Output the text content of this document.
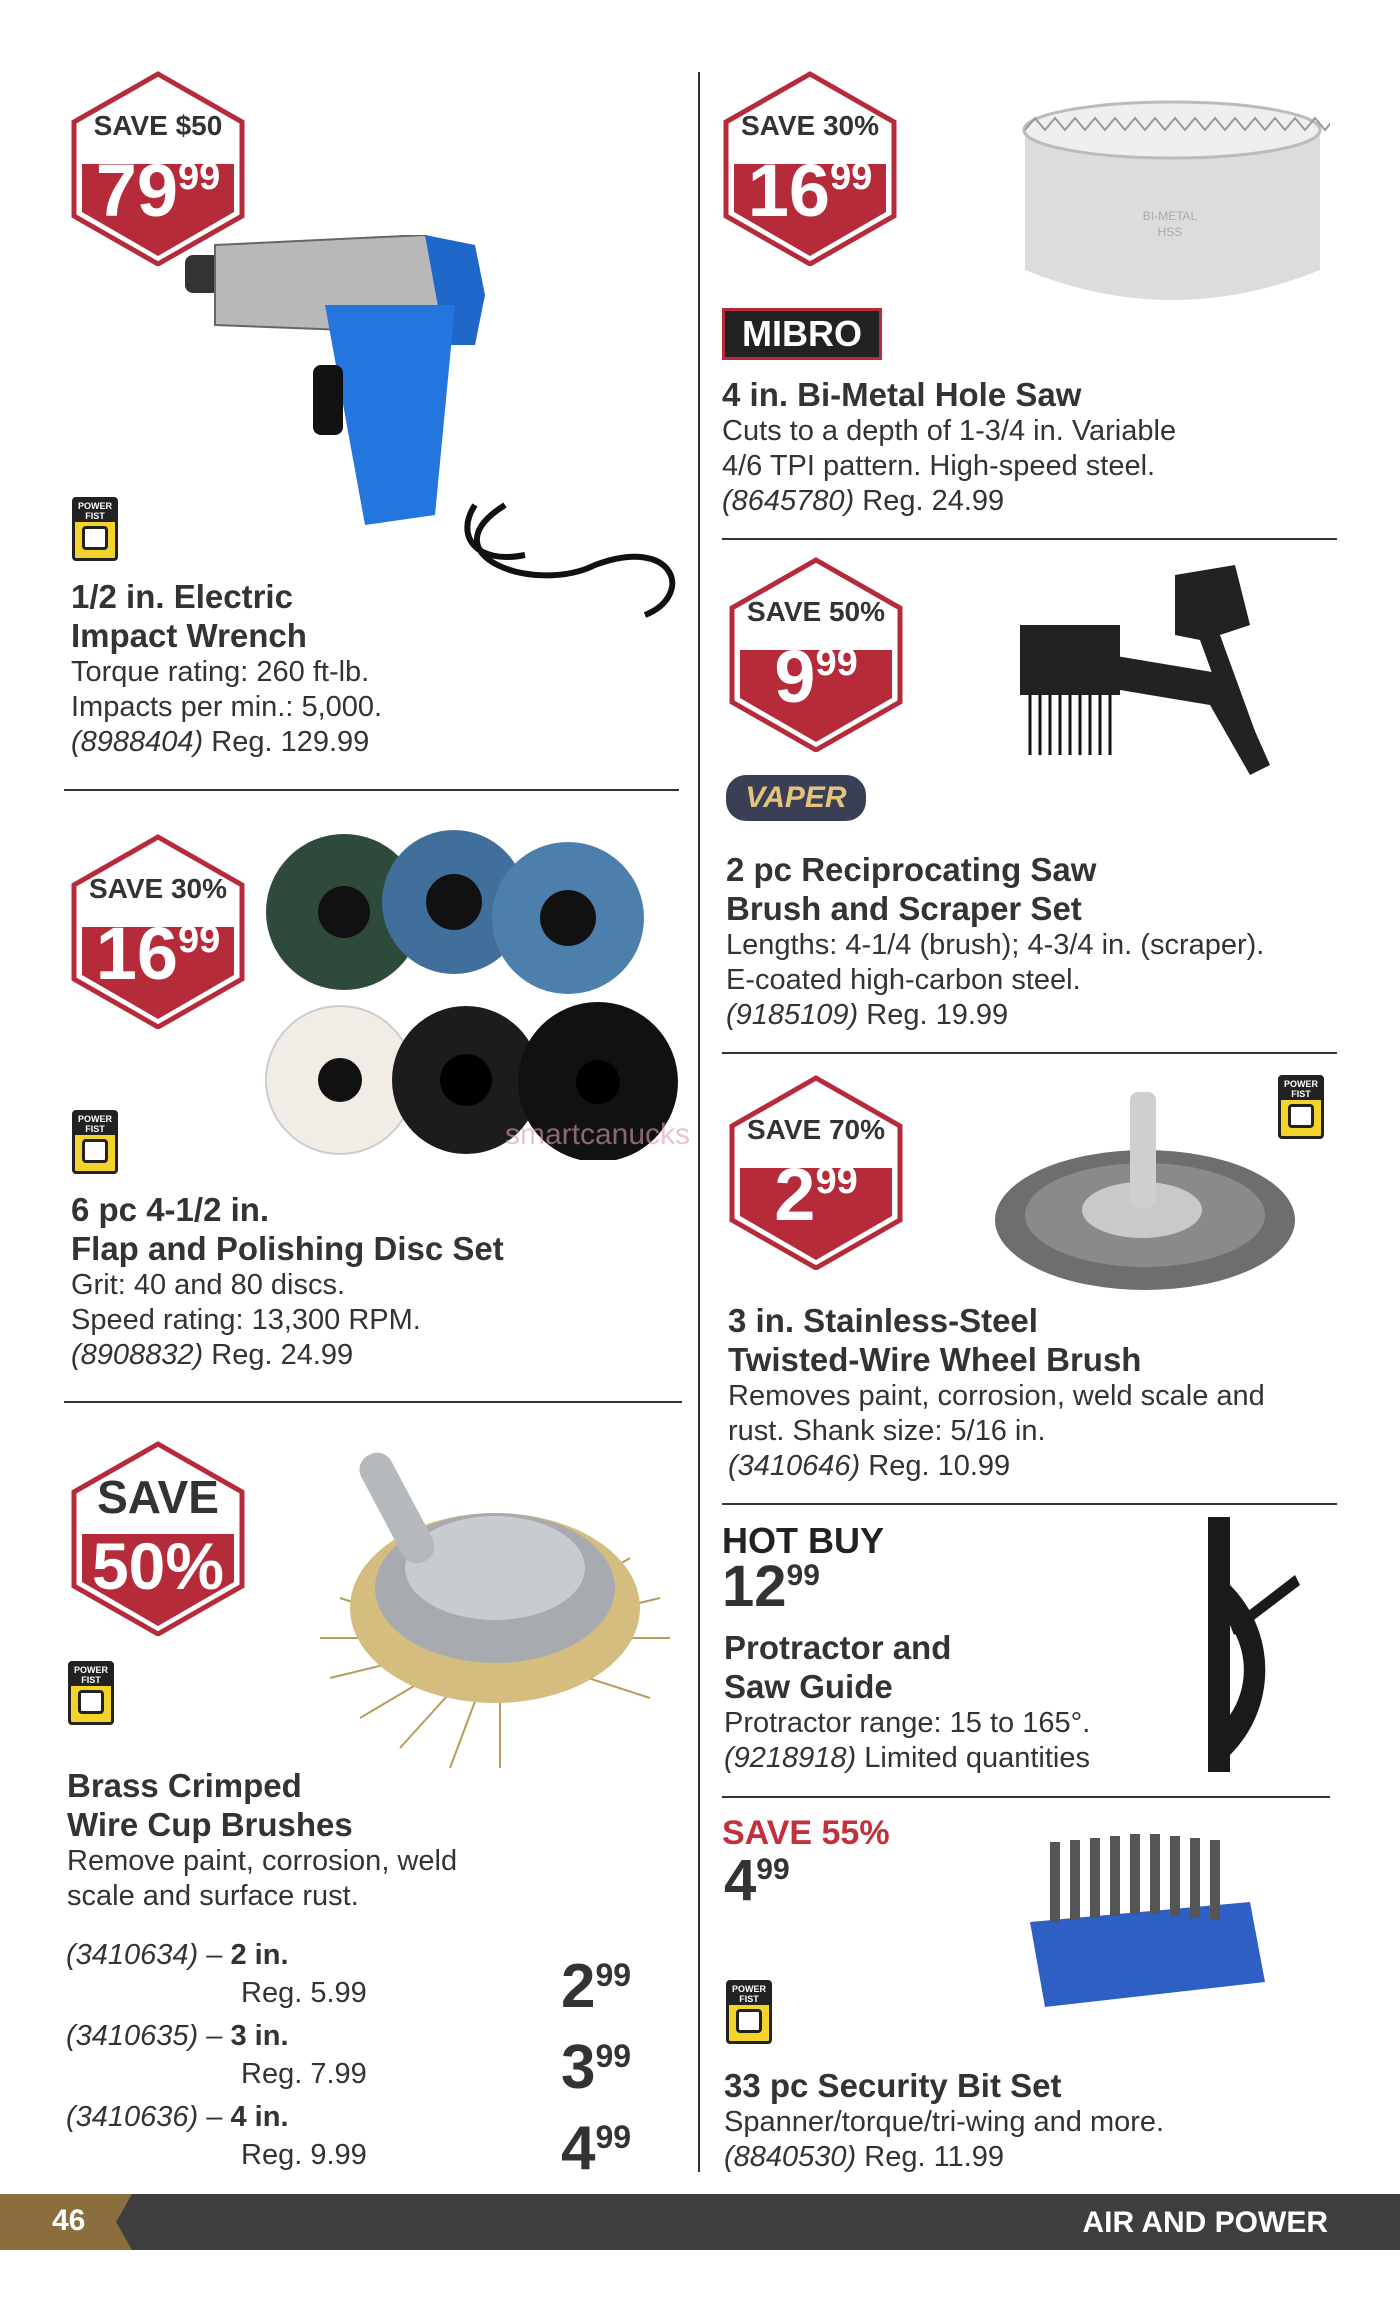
SAVE $50
$79^{99}$
POWER FIST
1/2 in. Electric
Impact Wrench
Torque rating: 260 ft-lb.
Impacts per min.: 5,000.
(8988404) Reg. 129.99
SAVE 30%
$16^{99}$
smartcanucks
POWER FIST
6 pc 4-1/2 in.
Flap and Polishing Disc Set
Grit: 40 and 80 discs.
Speed rating: 13,300 RPM.
(8908832) Reg. 24.99
SAVE
50%
POWER FIST
Brass Crimped
Wire Cup Brushes
Remove paint, corrosion, weld
scale and surface rust.
(3410634) – 2 in.
Reg. 5.99	$2^{99}$
(3410635) – 3 in.
Reg. 7.99	$3^{99}$
(3410636) – 4 in.
Reg. 9.99	$4^{99}$
SAVE 30%
$16^{99}$
BI-METAL
HSS
MIBRO
4 in. Bi-Metal Hole Saw
Cuts to a depth of 1-3/4 in. Variable
4/6 TPI pattern. High-speed steel.
(8645780) Reg. 24.99
SAVE 50%
$9^{99}$
VAPER
2 pc Reciprocating Saw
Brush and Scraper Set
Lengths: 4-1/4 (brush); 4-3/4 in. (scraper).
E-coated high-carbon steel.
(9185109) Reg. 19.99
SAVE 70%
$2^{99}$
POWER FIST
3 in. Stainless-Steel
Twisted-Wire Wheel Brush
Removes paint, corrosion, weld scale and
rust. Shank size: 5/16 in.
(3410646) Reg. 10.99
HOT BUY
$12^{99}$
Protractor and
Saw Guide
Protractor range: 15 to 165°.
(9218918) Limited quantities
SAVE 55%
$4^{99}$
POWER FIST
33 pc Security Bit Set
Spanner/torque/tri-wing and more.
(8840530) Reg. 11.99
46	AIR AND POWER
